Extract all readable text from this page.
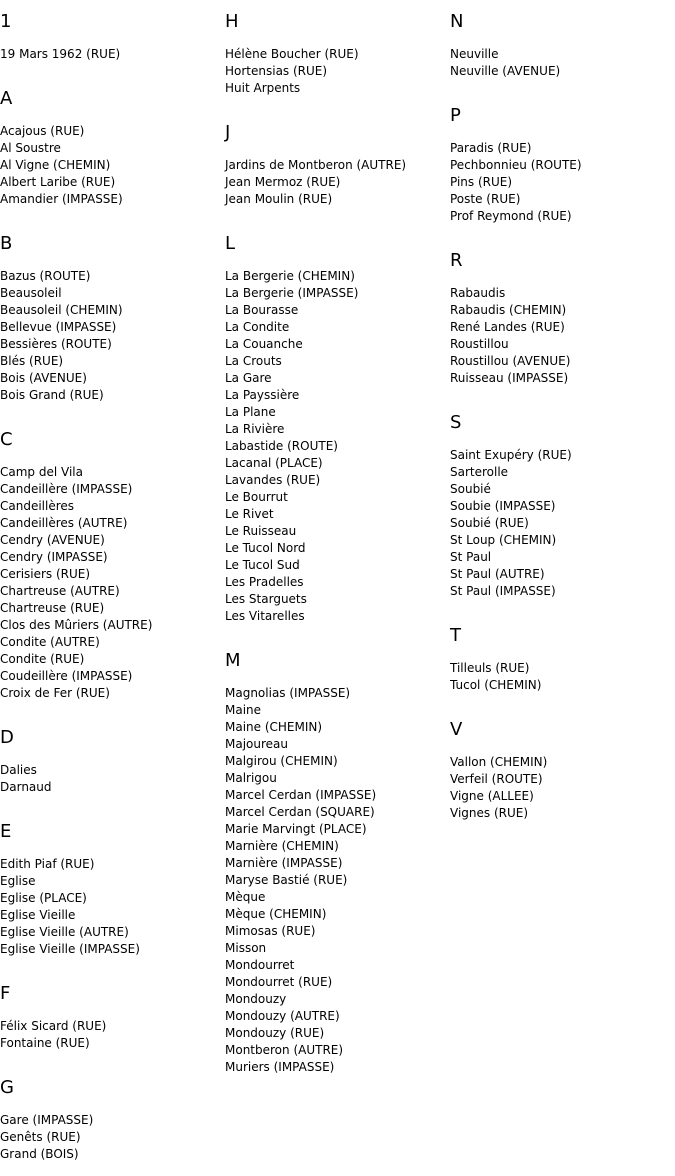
1
19 Mars 1962 (RUE)
A
Acajous (RUE)
Al Soustre
Al Vigne (CHEMIN)
Albert Laribe (RUE)
Amandier (IMPASSE)
B
Bazus (ROUTE)
Beausoleil
Beausoleil (CHEMIN)
Bellevue (IMPASSE)
Bessières (ROUTE)
Blés (RUE)
Bois (AVENUE)
Bois Grand (RUE)
C
Camp del Vila
Candeillère (IMPASSE)
Candeillères
Candeillères (AUTRE)
Cendry (AVENUE)
Cendry (IMPASSE)
Cerisiers (RUE)
Chartreuse (AUTRE)
Chartreuse (RUE)
Clos des Mûriers (AUTRE)
Condite (AUTRE)
Condite (RUE)
Coudeillère (IMPASSE)
Croix de Fer (RUE)
D
Dalies
Darnaud
E
Edith Piaf (RUE)
Eglise
Eglise (PLACE)
Eglise Vieille
Eglise Vieille (AUTRE)
Eglise Vieille (IMPASSE)
F
Félix Sicard (RUE)
Fontaine (RUE)
G
Gare (IMPASSE)
Genêts (RUE)
Grand (BOIS)
H
Hélène Boucher (RUE)
Hortensias (RUE)
Huit Arpents
J
Jardins de Montberon (AUTRE)
Jean Mermoz (RUE)
Jean Moulin (RUE)
L
La Bergerie (CHEMIN)
La Bergerie (IMPASSE)
La Bourasse
La Condite
La Couanche
La Crouts
La Gare
La Payssière
La Plane
La Rivière
Labastide (ROUTE)
Lacanal (PLACE)
Lavandes (RUE)
Le Bourrut
Le Rivet
Le Ruisseau
Le Tucol Nord
Le Tucol Sud
Les Pradelles
Les Starguets
Les Vitarelles
M
Magnolias (IMPASSE)
Maine
Maine (CHEMIN)
Majoureau
Malgirou (CHEMIN)
Malrigou
Marcel Cerdan (IMPASSE)
Marcel Cerdan (SQUARE)
Marie Marvingt (PLACE)
Marnière (CHEMIN)
Marnière (IMPASSE)
Maryse Bastié (RUE)
Mèque
Mèque (CHEMIN)
Mimosas (RUE)
Misson
Mondourret
Mondourret (RUE)
Mondouzy
Mondouzy (AUTRE)
Mondouzy (RUE)
Montberon (AUTRE)
Muriers (IMPASSE)
N
Neuville
Neuville (AVENUE)
P
Paradis (RUE)
Pechbonnieu (ROUTE)
Pins (RUE)
Poste (RUE)
Prof Reymond (RUE)
R
Rabaudis
Rabaudis (CHEMIN)
René Landes (RUE)
Roustillou
Roustillou (AVENUE)
Ruisseau (IMPASSE)
S
Saint Exupéry (RUE)
Sarterolle
Soubié
Soubie (IMPASSE)
Soubié (RUE)
St Loup (CHEMIN)
St Paul
St Paul (AUTRE)
St Paul (IMPASSE)
T
Tilleuls (RUE)
Tucol (CHEMIN)
V
Vallon (CHEMIN)
Verfeil (ROUTE)
Vigne (ALLEE)
Vignes (RUE)
